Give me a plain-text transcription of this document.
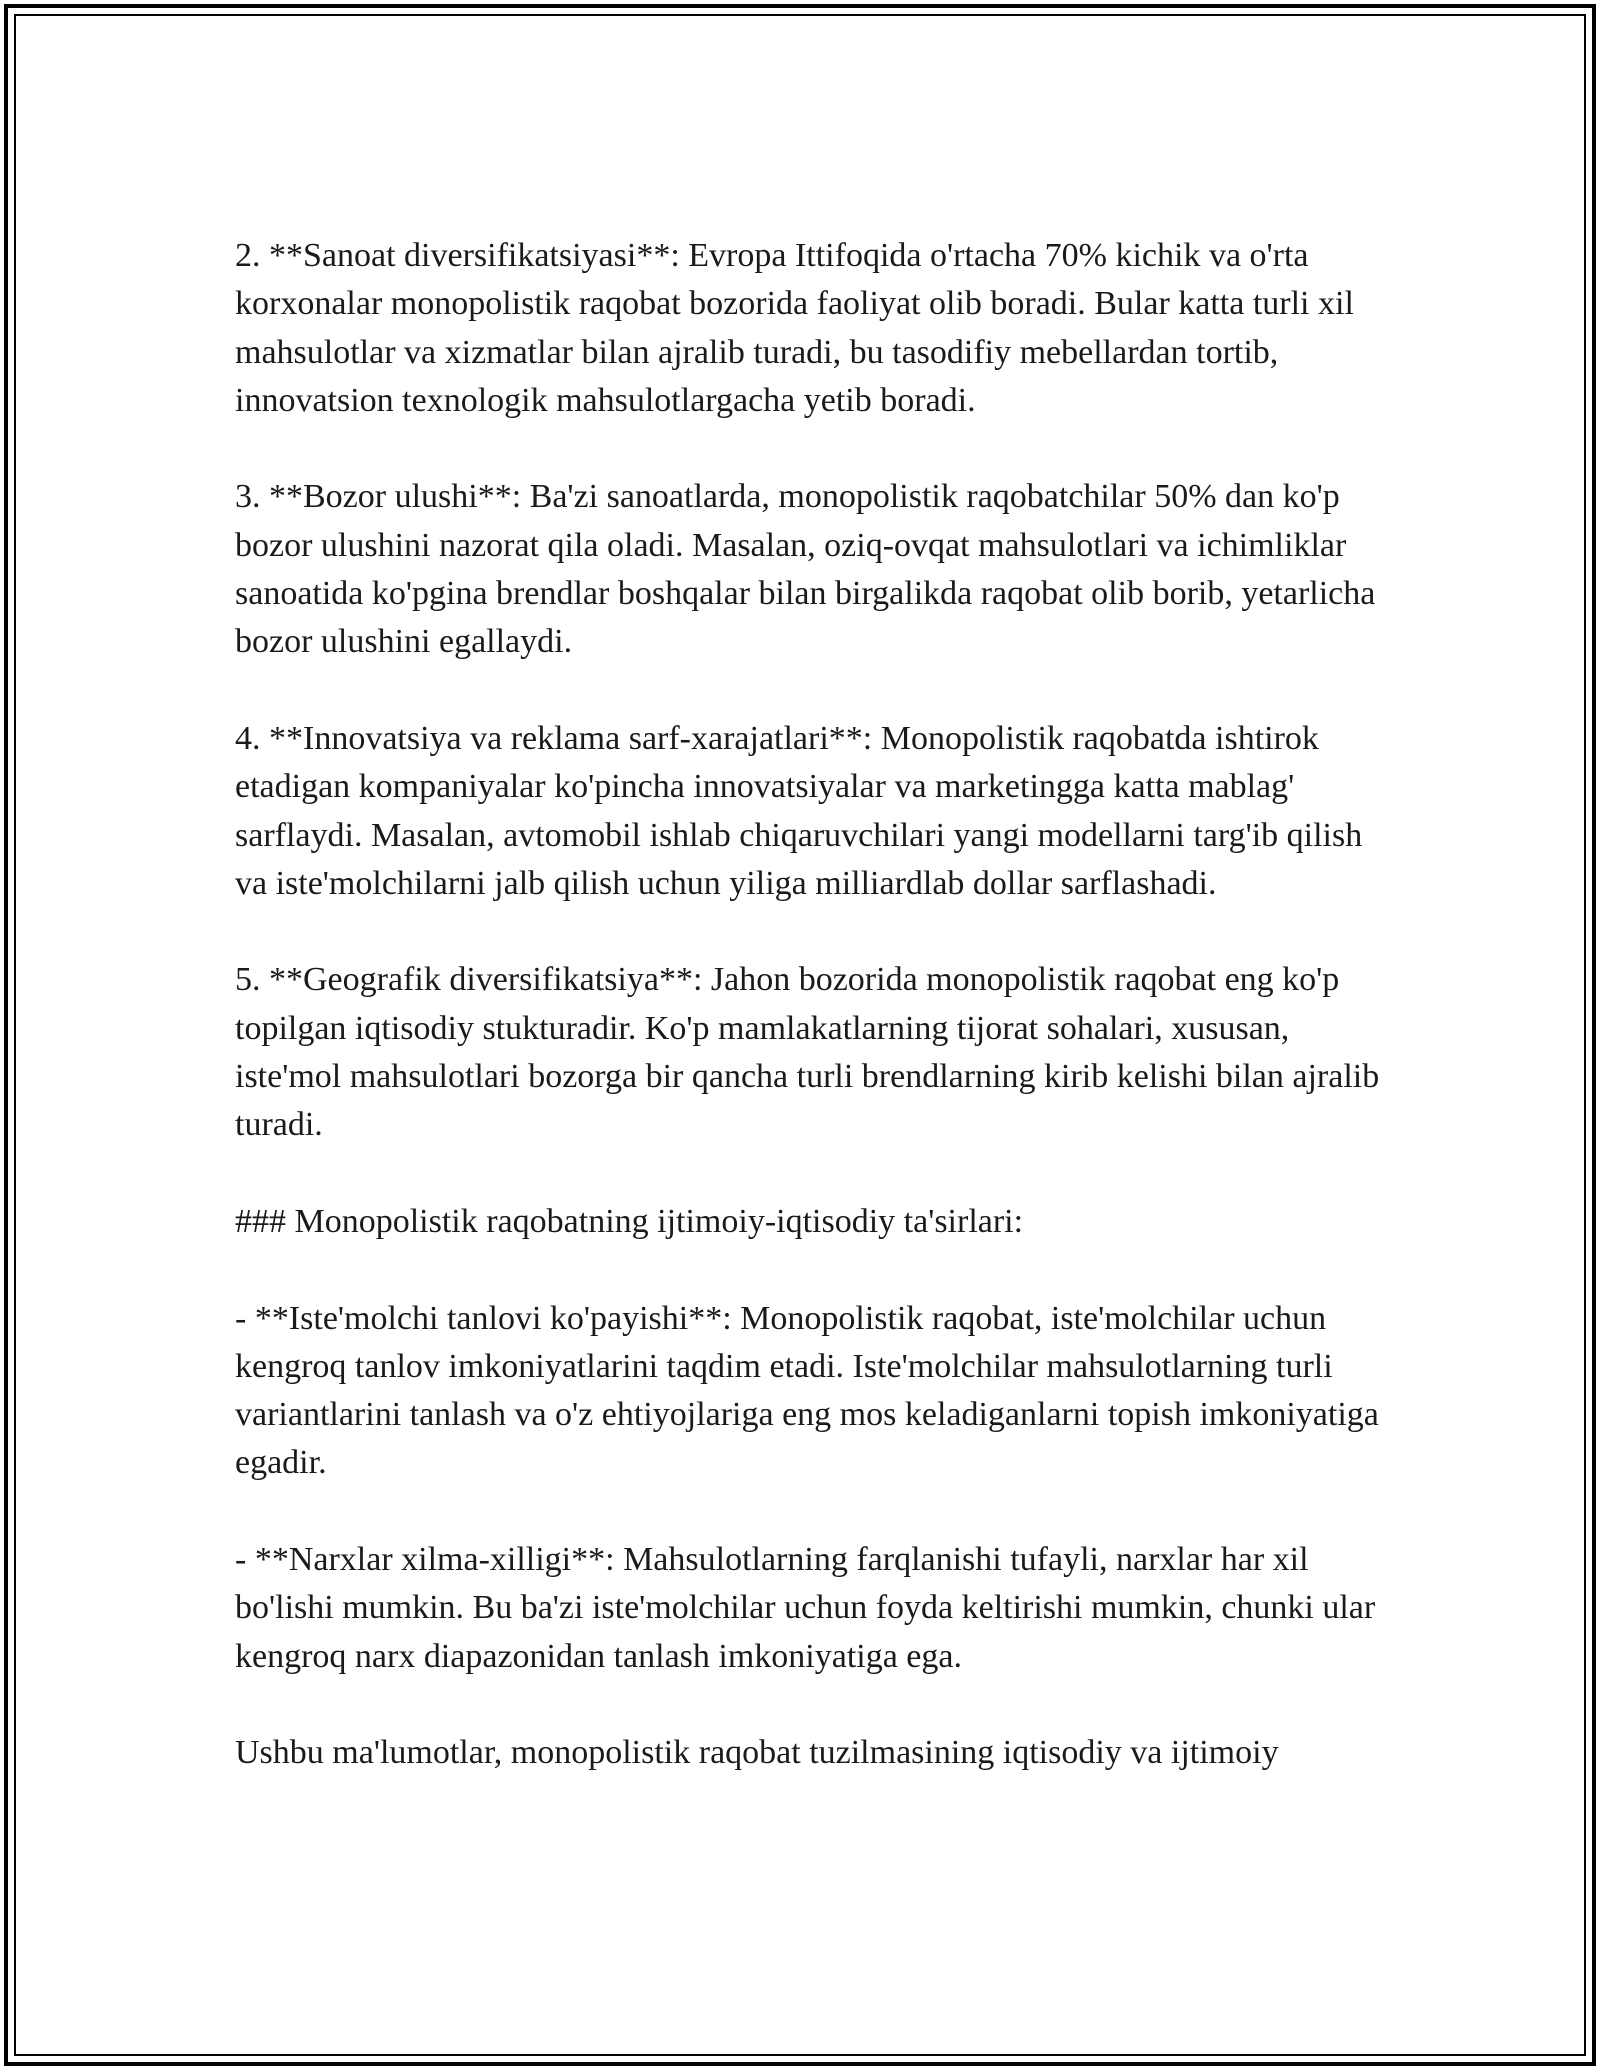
2. **Sanoat diversifikatsiyasi**: Evropa Ittifoqida o'rtacha 70% kichik va o'rta korxonalar monopolistik raqobat bozorida faoliyat olib boradi. Bular katta turli xil mahsulotlar va xizmatlar bilan ajralib turadi, bu tasodifiy mebellardan tortib, innovatsion texnologik mahsulotlargacha yetib boradi.

3. **Bozor ulushi**: Ba'zi sanoatlarda, monopolistik raqobatchilar 50% dan ko'p bozor ulushini nazorat qila oladi. Masalan, oziq-ovqat mahsulotlari va ichimliklar sanoatida ko'pgina brendlar boshqalar bilan birgalikda raqobat olib borib, yetarlicha bozor ulushini egallaydi.

4. **Innovatsiya va reklama sarf-xarajatlari**: Monopolistik raqobatda ishtirok etadigan kompaniyalar ko'pincha innovatsiyalar va marketingga katta mablag' sarflaydi. Masalan, avtomobil ishlab chiqaruvchilari yangi modellarni targ'ib qilish va iste'molchilarni jalb qilish uchun yiliga milliardlab dollar sarflashadi.

5. **Geografik diversifikatsiya**: Jahon bozorida monopolistik raqobat eng ko'p topilgan iqtisodiy stukturadir. Ko'p mamlakatlarning tijorat sohalari, xususan, iste'mol mahsulotlari bozorga bir qancha turli brendlarning kirib kelishi bilan ajralib turadi.

### Monopolistik raqobatning ijtimoiy-iqtisodiy ta'sirlari:

- **Iste'molchi tanlovi ko'payishi**: Monopolistik raqobat, iste'molchilar uchun kengroq tanlov imkoniyatlarini taqdim etadi. Iste'molchilar mahsulotlarning turli variantlarini tanlash va o'z ehtiyojlariga eng mos keladiganlarni topish imkoniyatiga egadir.

- **Narxlar xilma-xilligi**: Mahsulotlarning farqlanishi tufayli, narxlar har xil bo'lishi mumkin. Bu ba'zi iste'molchilar uchun foyda keltirishi mumkin, chunki ular kengroq narx diapazonidan tanlash imkoniyatiga ega.

Ushbu ma'lumotlar, monopolistik raqobat tuzilmasining iqtisodiy va ijtimoiy
